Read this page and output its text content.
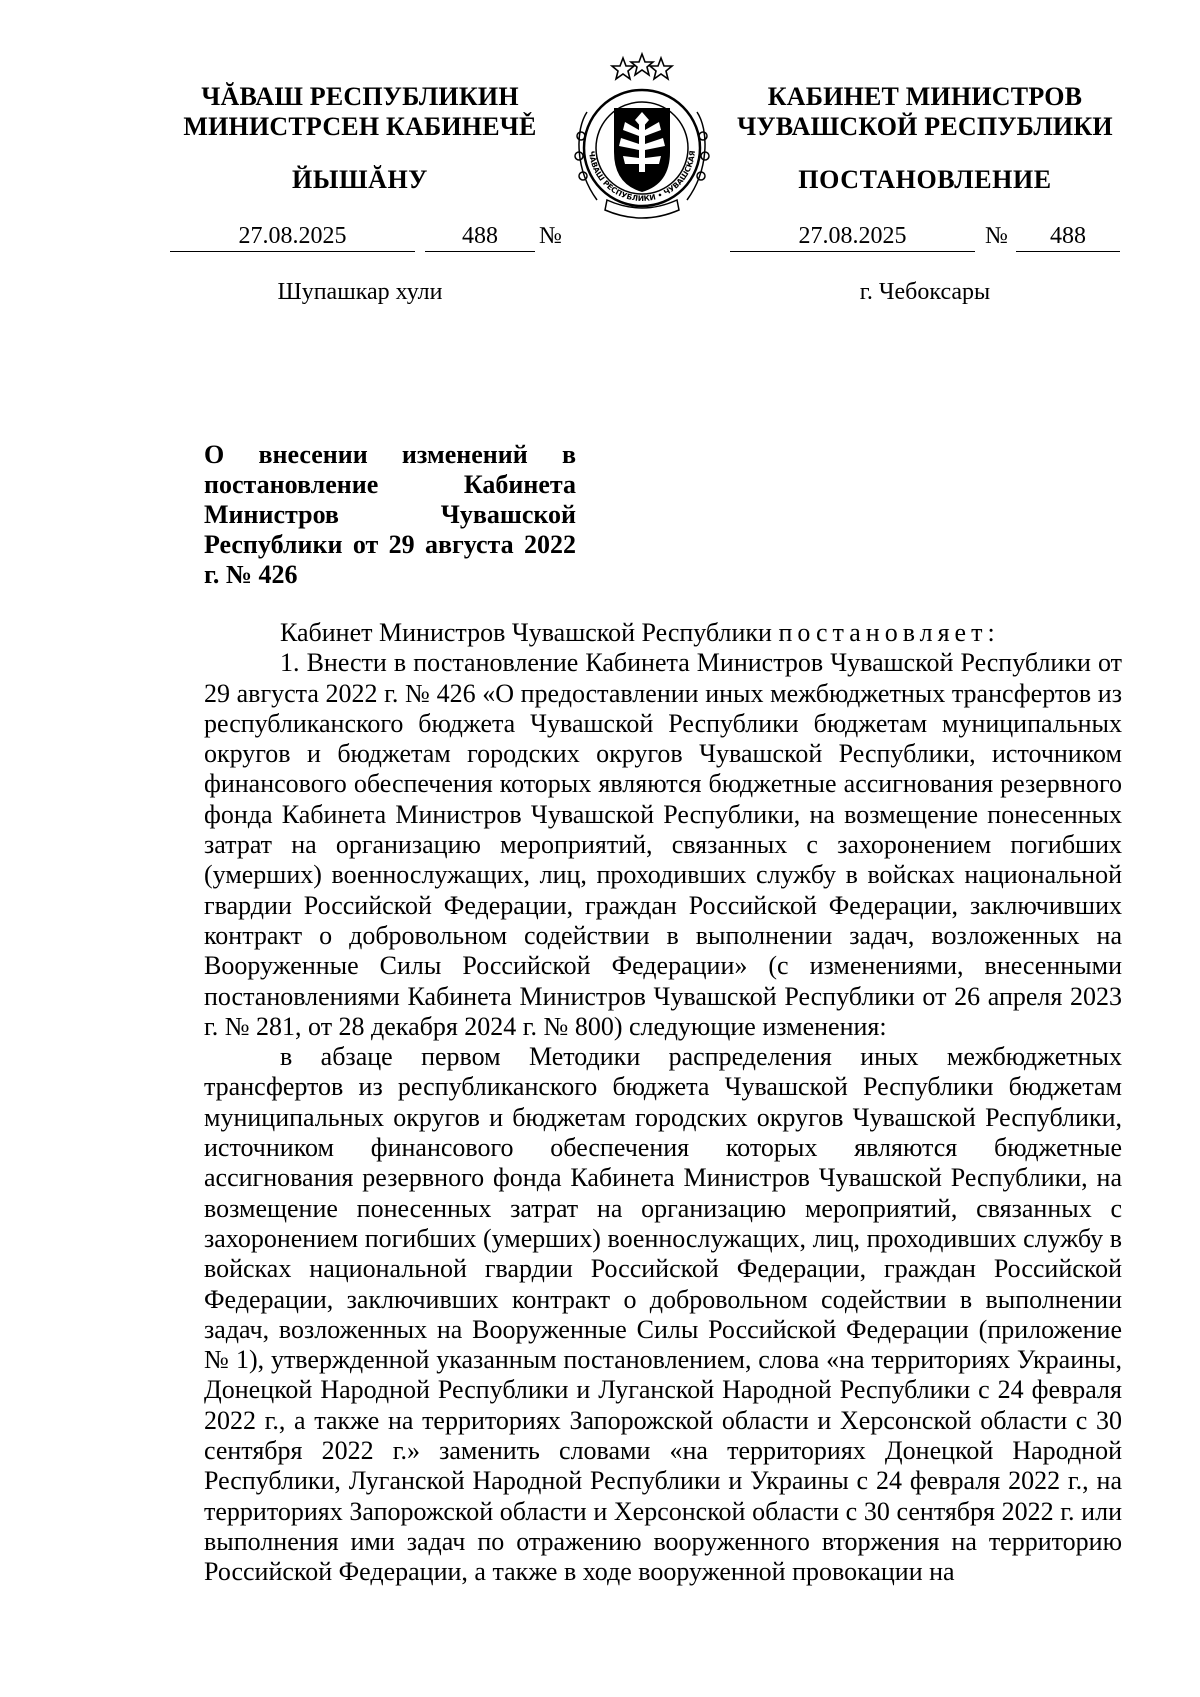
ЧĂВАШ РЕСПУБЛИКИН
МИНИСТРСЕН КАБИНЕЧĚ
ЙЫШĂНУ
27.08.2025	488	№
Шупашкар хули
ЧĂВАШ РЕСПУБЛИКИ • ЧУВАШСКАЯ
КАБИНЕТ МИНИСТРОВ
ЧУВАШСКОЙ РЕСПУБЛИКИ
ПОСТАНОВЛЕНИЕ
27.08.2025	№	488
г. Чебоксары
О внесении изменений в постановление Кабинета Министров Чувашской Республики от 29 августа 2022 г. № 426

Кабинет Министров Чувашской Республики постановляет:

1. Внести в постановление Кабинета Министров Чувашской Республики от 29 августа 2022 г. № 426 «О предоставлении иных межбюджетных трансфертов из республиканского бюджета Чувашской Республики бюджетам муниципальных округов и бюджетам городских округов Чувашской Республики, источником финансового обеспечения которых являются бюджетные ассигнования резервного фонда Кабинета Министров Чувашской Республики, на возмещение понесенных затрат на организацию мероприятий, связанных с захоронением погибших (умерших) военнослужащих, лиц, проходивших службу в войсках национальной гвардии Российской Федерации, граждан Российской Федерации, заключивших контракт о добровольном содействии в выполнении задач, возложенных на Вооруженные Силы Российской Федерации» (с изменениями, внесенными постановлениями Кабинета Министров Чувашской Республики от 26 апреля 2023 г. № 281, от 28 декабря 2024 г. № 800) следующие изменения:

в абзаце первом Методики распределения иных межбюджетных трансфертов из республиканского бюджета Чувашской Республики бюджетам муниципальных округов и бюджетам городских округов Чувашской Республики, источником финансового обеспечения которых являются бюджетные ассигнования резервного фонда Кабинета Министров Чувашской Республики, на возмещение понесенных затрат на организацию мероприятий, связанных с захоронением погибших (умерших) военнослужащих, лиц, проходивших службу в войсках национальной гвардии Российской Федерации, граждан Российской Федерации, заключивших контракт о добровольном содействии в выполнении задач, возложенных на Вооруженные Силы Российской Федерации (приложение № 1), утвержденной указанным постановлением, слова «на территориях Украины, Донецкой Народной Республики и Луганской Народной Республики с 24 февраля 2022 г., а также на территориях Запорожской области и Херсонской области с 30 сентября 2022 г.» заменить словами «на территориях Донецкой Народной Республики, Луганской Народной Республики и Украины с 24 февраля 2022 г., на территориях Запорожской области и Херсонской области с 30 сентября 2022 г. или выполнения ими задач по отражению вооруженного вторжения на территорию Российской Федерации, а также в ходе вооруженной провокации на
